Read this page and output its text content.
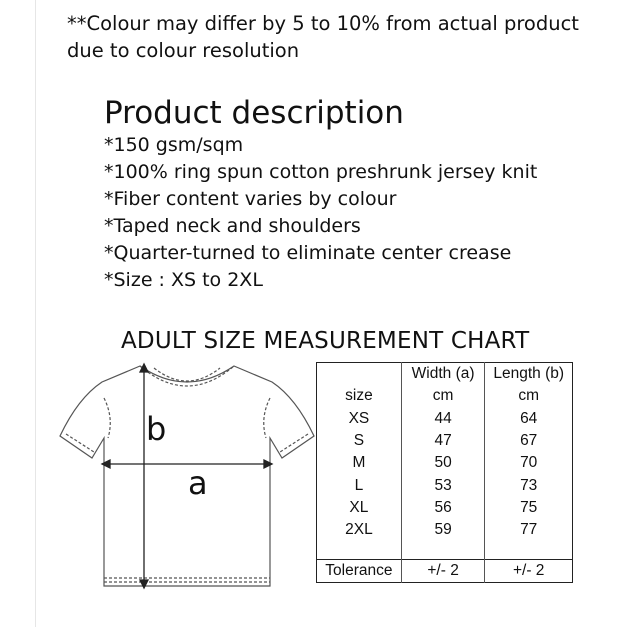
**Colour may differ by 5 to 10% from actual product due to colour resolution
Product description
*150 gsm/sqm
*100% ring spun cotton preshrunk jersey knit
*Fiber content varies by colour
*Taped neck and shoulders
*Quarter-turned to eliminate center crease
*Size : XS to 2XL
ADULT SIZE MEASUREMENT CHART
b
a
	Width (a)	Length (b)
size	cm	cm
XS	44	64
S	47	67
M	50	70
L	53	73
XL	56	75
2XL	59	77

Tolerance	+/- 2	+/- 2
